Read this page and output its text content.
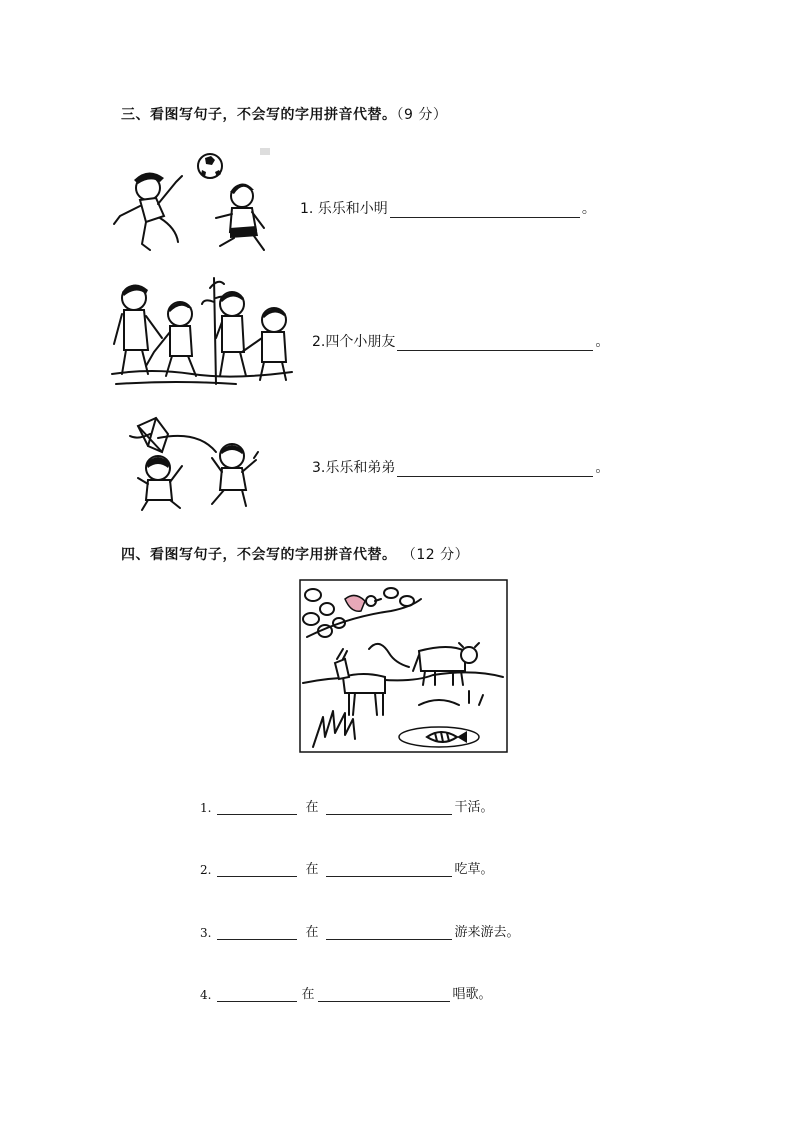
三、看图写句子，不会写的字用拼音代替。（9 分）
1. 乐乐和小明	。
2.四个小朋友	。
3.乐乐和弟弟	。
四、看图写句子，不会写的字用拼音代替。 （12 分）
1.	在	干活。
2.	在	吃草。
3.	在	游来游去。
4.	在	唱歌。
